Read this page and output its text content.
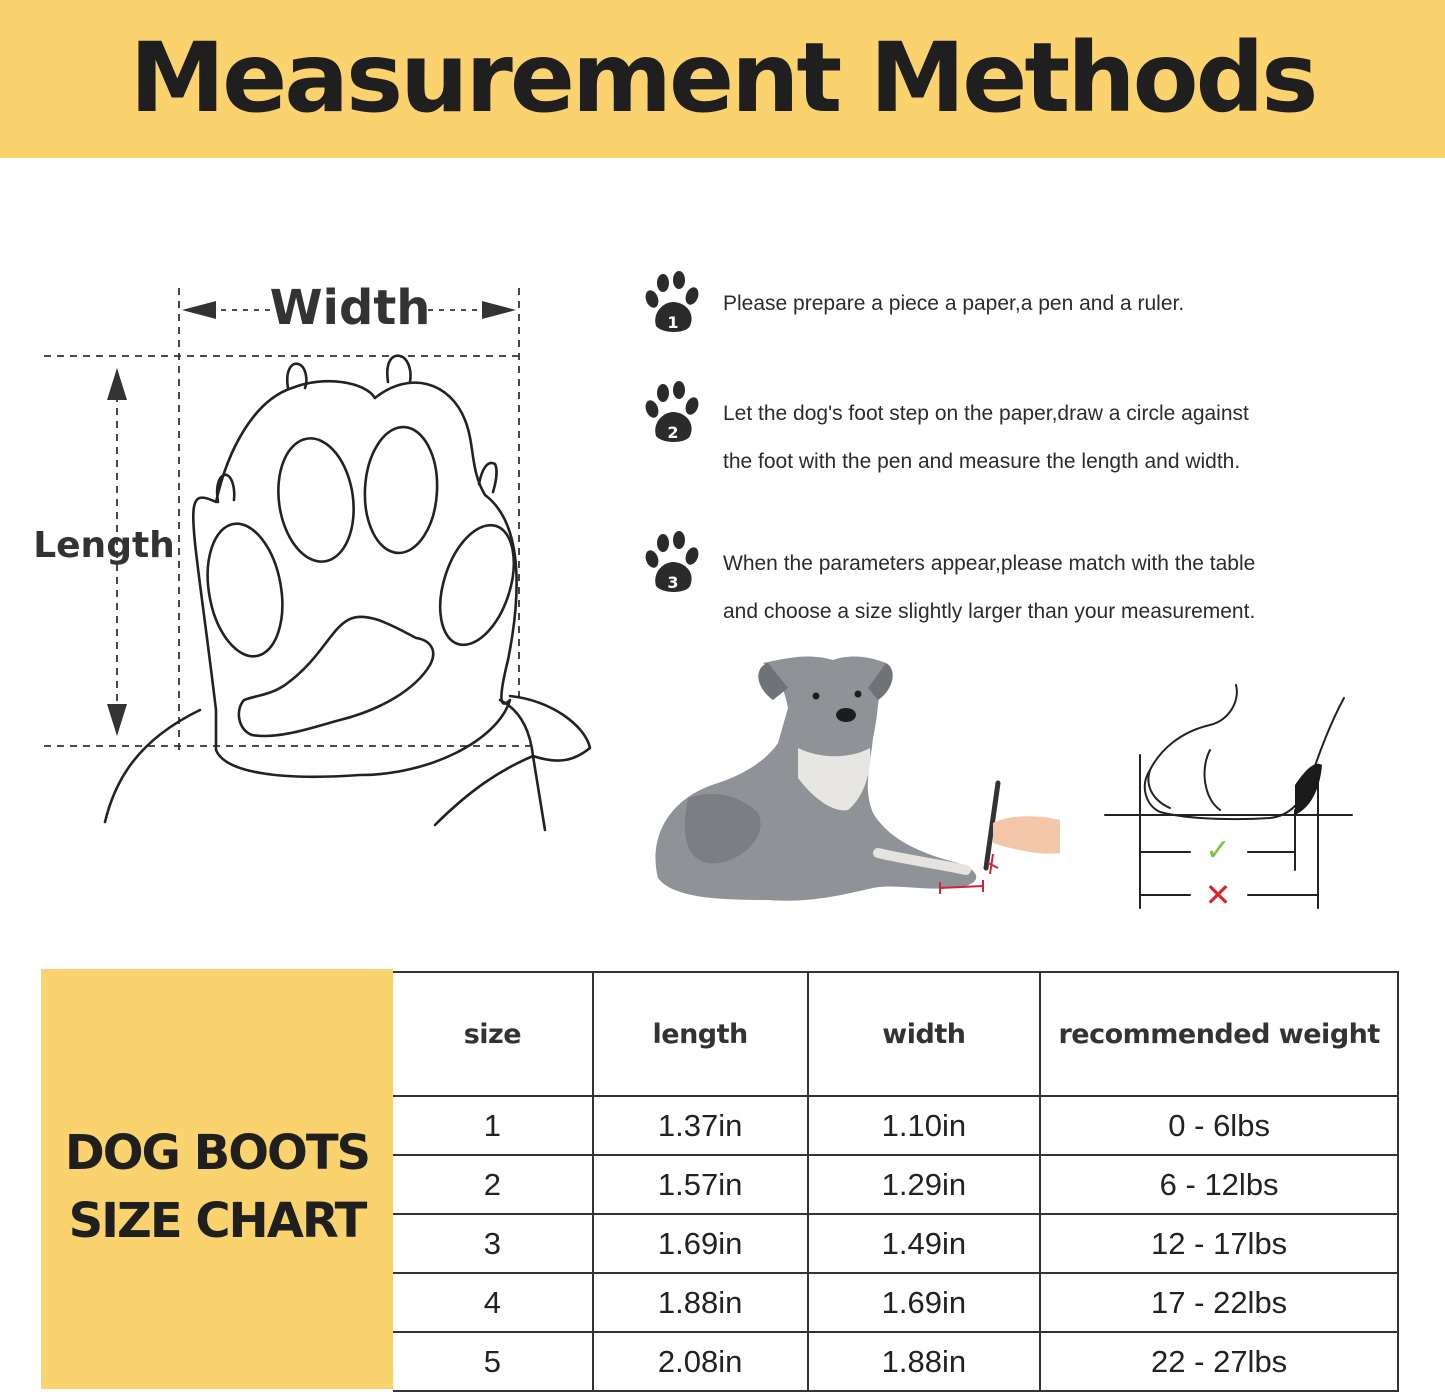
Measurement Methods
Width
Length
1

Please prepare a piece a paper,a pen and a ruler.

2

Let the dog's foot step on the paper,draw a circle against

the foot with the pen and measure the length and width.

3

When the parameters appear,please match with the table

and choose a size slightly larger than your measurement.

✓
✕
DOG BOOTS
SIZE CHART
size	length	width	recommended weight
1	1.37in	1.10in	0 - 6lbs
2	1.57in	1.29in	6 - 12lbs
3	1.69in	1.49in	12 - 17lbs
4	1.88in	1.69in	17 - 22lbs
5	2.08in	1.88in	22 - 27lbs
